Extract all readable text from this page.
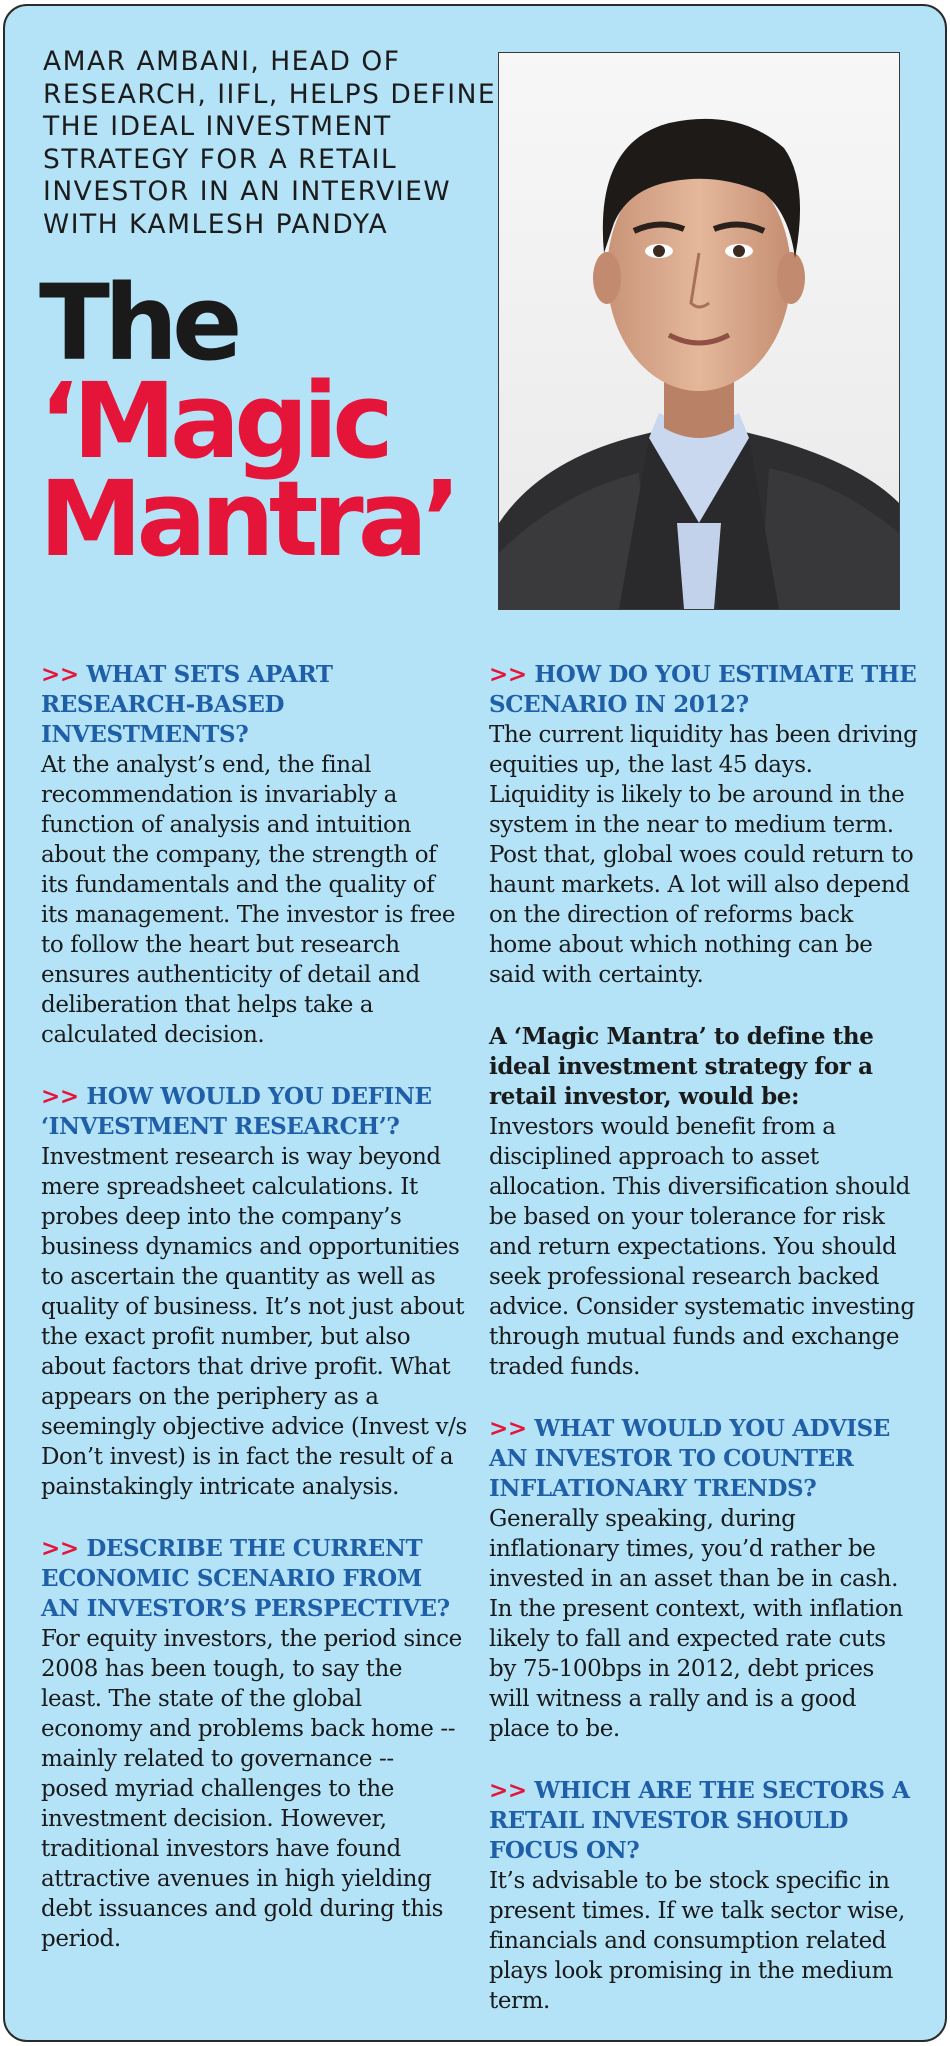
AMAR AMBANI, HEAD OF RESEARCH, IIFL, HELPS DEFINE THE IDEAL INVESTMENT STRATEGY FOR A RETAIL INVESTOR IN AN INTERVIEW WITH KAMLESH PANDYA

The
‘Magic
Mantra’

>> WHAT SETS APART RESEARCH-BASED INVESTMENTS?

At the analyst’s end, the final recommendation is invariably a function of analysis and intuition about the company, the strength of its fundamentals and the quality of its management. The investor is free to follow the heart but research ensures authenticity of detail and deliberation that helps take a calculated decision.

>> HOW WOULD YOU DEFINE ‘INVESTMENT RESEARCH’?

Investment research is way beyond mere spreadsheet calculations. It probes deep into the company’s business dynamics and opportunities to ascertain the quantity as well as quality of business. It’s not just about the exact profit number, but also about factors that drive profit. What appears on the periphery as a seemingly objective advice (Invest v/s Don’t invest) is in fact the result of a painstakingly intricate analysis.

>> DESCRIBE THE CURRENT ECONOMIC SCENARIO FROM AN INVESTOR’S PERSPECTIVE?

For equity investors, the period since 2008 has been tough, to say the least. The state of the global economy and problems back home -- mainly related to governance -- posed myriad challenges to the investment decision. However, traditional investors have found attractive avenues in high yielding debt issuances and gold during this period.

>> HOW DO YOU ESTIMATE THE SCENARIO IN 2012?

The current liquidity has been driving equities up, the last 45 days. Liquidity is likely to be around in the system in the near to medium term. Post that, global woes could return to haunt markets. A lot will also depend on the direction of reforms back home about which nothing can be said with certainty.

A ‘Magic Mantra’ to define the ideal investment strategy for a retail investor, would be:

Investors would benefit from a disciplined approach to asset allocation. This diversification should be based on your tolerance for risk and return expectations. You should seek professional research backed advice. Consider systematic investing through mutual funds and exchange traded funds.

>> WHAT WOULD YOU ADVISE AN INVESTOR TO COUNTER INFLATIONARY TRENDS?

Generally speaking, during inflationary times, you’d rather be invested in an asset than be in cash. In the present context, with inflation likely to fall and expected rate cuts by 75-100bps in 2012, debt prices will witness a rally and is a good place to be.

>> WHICH ARE THE SECTORS A RETAIL INVESTOR SHOULD FOCUS ON?

It’s advisable to be stock specific in present times. If we talk sector wise, financials and consumption related plays look promising in the medium term.
